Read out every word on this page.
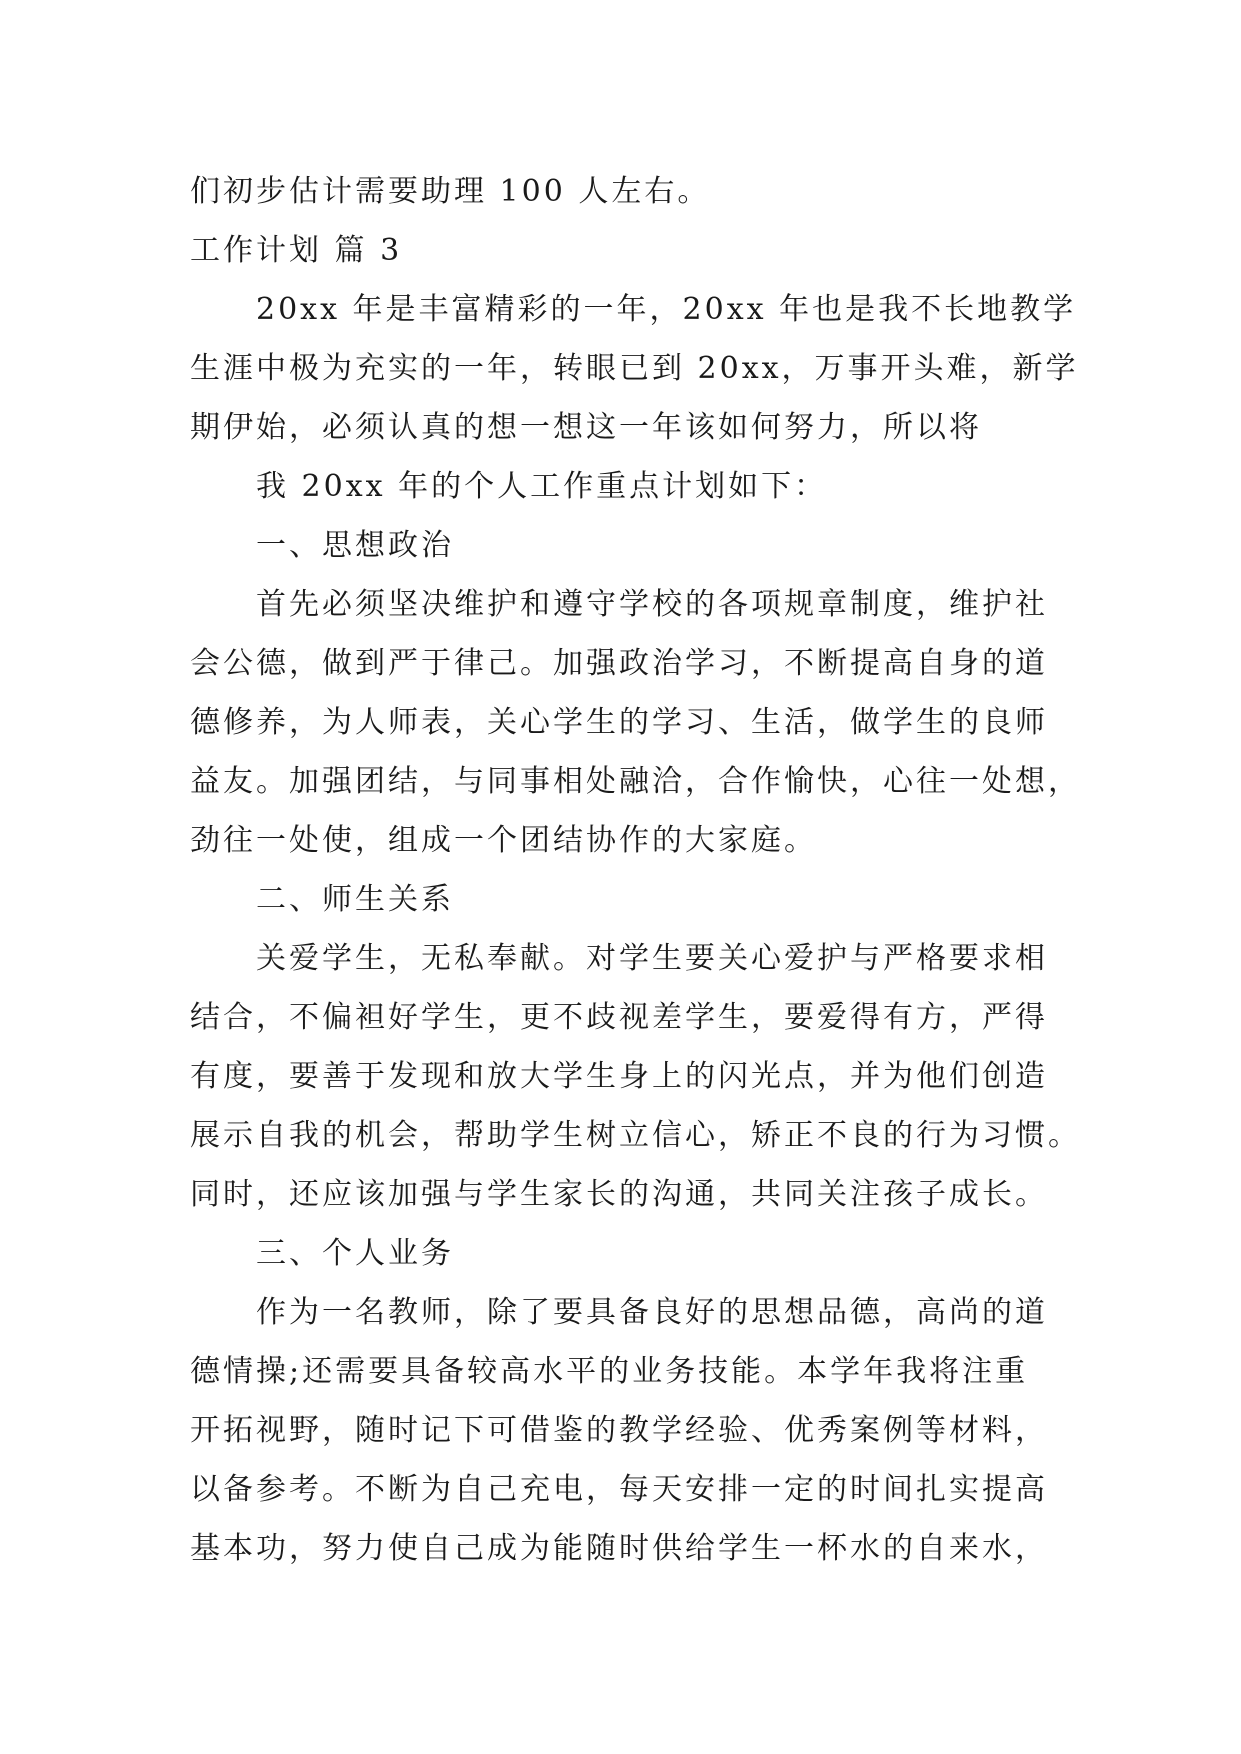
们初步估计需要助理 100 人左右。
工作计划 篇 3
20xx 年是丰富精彩的一年，20xx 年也是我不长地教学
生涯中极为充实的一年，转眼已到 20xx，万事开头难，新学
期伊始，必须认真的想一想这一年该如何努力，所以将
我 20xx 年的个人工作重点计划如下：
一、思想政治
首先必须坚决维护和遵守学校的各项规章制度，维护社
会公德，做到严于律己。加强政治学习，不断提高自身的道
德修养，为人师表，关心学生的学习、生活，做学生的良师
益友。加强团结，与同事相处融洽，合作愉快，心往一处想，
劲往一处使，组成一个团结协作的大家庭。
二、师生关系
关爱学生，无私奉献。对学生要关心爱护与严格要求相
结合，不偏袒好学生，更不歧视差学生，要爱得有方，严得
有度，要善于发现和放大学生身上的闪光点，并为他们创造
展示自我的机会，帮助学生树立信心，矫正不良的行为习惯。
同时，还应该加强与学生家长的沟通，共同关注孩子成长。
三、个人业务
作为一名教师，除了要具备良好的思想品德，高尚的道
德情操;还需要具备较高水平的业务技能。本学年我将注重
开拓视野，随时记下可借鉴的教学经验、优秀案例等材料，
以备参考。不断为自己充电，每天安排一定的时间扎实提高
基本功，努力使自己成为能随时供给学生一杯水的自来水，
